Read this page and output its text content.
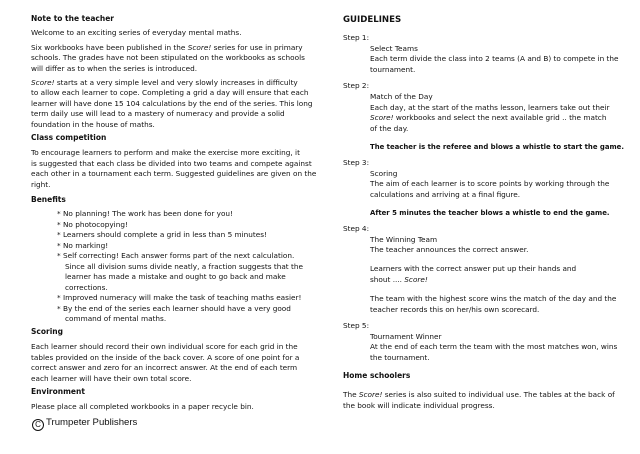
Note to the teacher
Welcome to an exciting series of everyday mental maths.
Six workbooks have been published in the Score! series for use in primary
schools. The grades have not been stipulated on the workbooks as schools
will differ as to when the series is introduced.
Score! starts at a very simple level and very slowly increases in difficulty
to allow each learner to cope. Completing a grid a day will ensure that each
learner will have done 15 104 calculations by the end of the series. This long
term daily use will lead to a mastery of numeracy and provide a solid
foundation in the house of maths.
Class competition
To encourage learners to perform and make the exercise more exciting, it
is suggested that each class be divided into two teams and compete against
each other in a tournament each term. Suggested guidelines are given on the
right.
Benefits
* No planning! The work has been done for you!
* No photocopying!
* Learners should complete a grid in less than 5 minutes!
* No marking!
* Self correcting! Each answer forms part of the next calculation.
Since all division sums divide neatly, a fraction suggests that the
learner has made a mistake and ought to go back and make
corrections.
* Improved numeracy will make the task of teaching maths easier!
* By the end of the series each learner should have a very good
command of mental maths.
Scoring
Each learner should record their own individual score for each grid in the
tables provided on the inside of the back cover. A score of one point for a
correct answer and zero for an incorrect answer. At the end of each term
each learner will have their own total score.
Environment
Please place all completed workbooks in a paper recycle bin.
C Trumpeter Publishers
GUIDELINES
Step 1:
Select Teams
Each term divide the class into 2 teams (A and B) to compete in the
tournament.
Step 2:
Match of the Day
Each day, at the start of the maths lesson, learners take out their
Score! workbooks and select the next available grid .. the match
of the day.
The teacher is the referee and blows a whistle to start the game.
Step 3:
Scoring
The aim of each learner is to score points by working through the
calculations and arriving at a final figure.
After 5 minutes the teacher blows a whistle to end the game.
Step 4:
The Winning Team
The teacher announces the correct answer.
Learners with the correct answer put up their hands and
shout .... Score!
The team with the highest score wins the match of the day and the
teacher records this on her/his own scorecard.
Step 5:
Tournament Winner
At the end of each term the team with the most matches won, wins
the tournament.
Home schoolers
The Score! series is also suited to individual use. The tables at the back of
the book will indicate individual progress.
